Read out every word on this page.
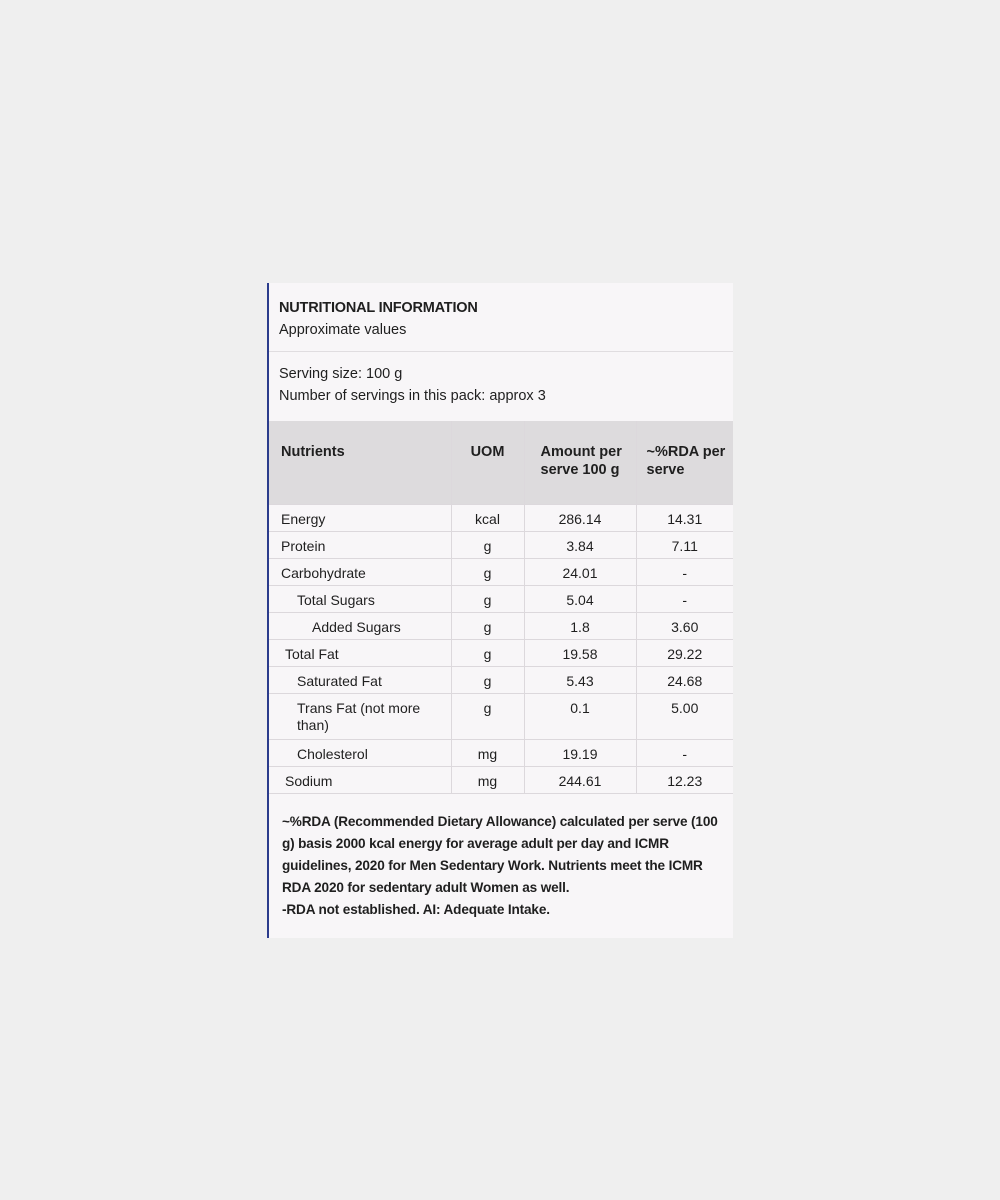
NUTRITIONAL INFORMATION
Approximate values
Serving size: 100 g
Number of servings in this pack: approx 3
Nutrients	UOM	Amount per serve 100 g	~%RDA per serve
Energy	kcal	286.14	14.31
Protein	g	3.84	7.11
Carbohydrate	g	24.01	-
Total Sugars	g	5.04	-
Added Sugars	g	1.8	3.60
Total Fat	g	19.58	29.22
Saturated Fat	g	5.43	24.68
Trans Fat (not more than)	g	0.1	5.00
Cholesterol	mg	19.19	-
Sodium	mg	244.61	12.23
~%RDA (Recommended Dietary Allowance) calculated per serve (100 g) basis 2000 kcal energy for average adult per day and ICMR guidelines, 2020 for Men Sedentary Work. Nutrients meet the ICMR RDA 2020 for sedentary adult Women as well.
-RDA not established. AI: Adequate Intake.
